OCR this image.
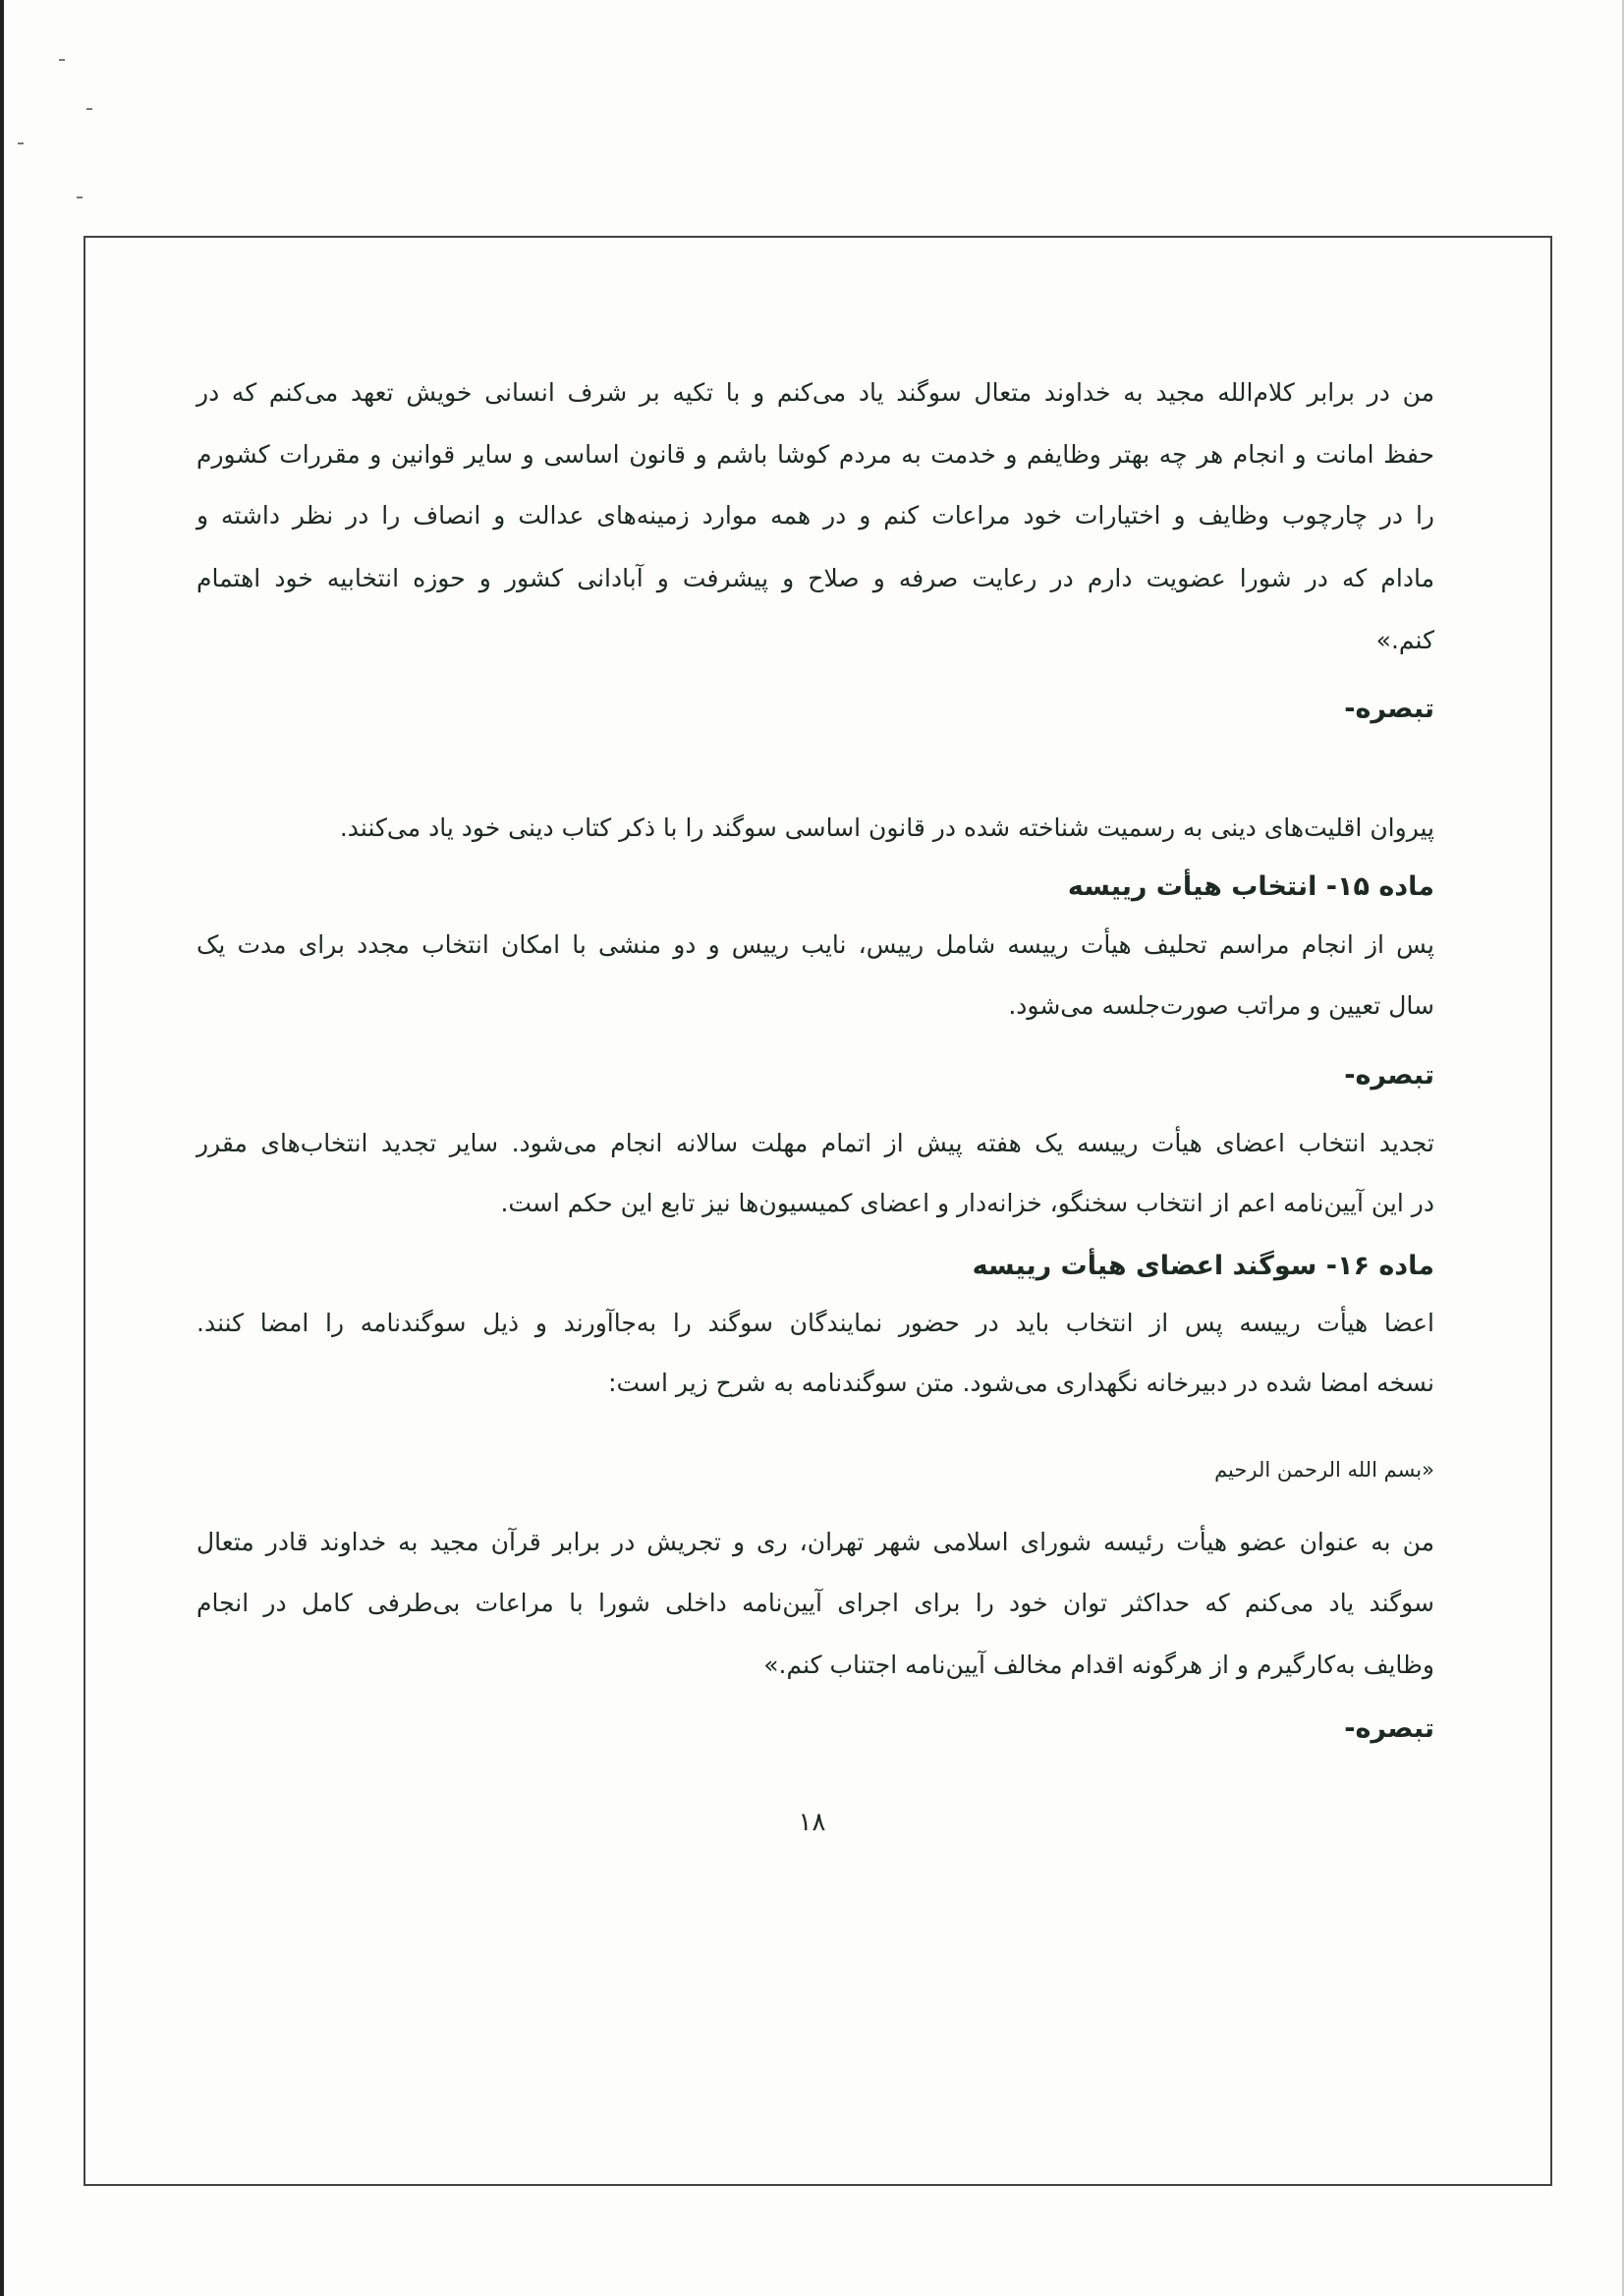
من در برابر کلام‌الله مجید به خداوند متعال سوگند یاد می‌کنم و با تکیه بر شرف انسانی خویش تعهد می‌کنم که در
حفظ امانت و انجام هر چه بهتر وظایفم و خدمت به مردم کوشا باشم و قانون اساسی و سایر قوانین و مقررات کشورم
را در چارچوب وظایف و اختیارات خود مراعات کنم و در همه موارد زمینه‌های عدالت و انصاف را در نظر داشته و
مادام که در شورا عضویت دارم در رعایت صرفه و صلاح و پیشرفت و آبادانی کشور و حوزه انتخابیه خود اهتمام
کنم.»
تبصره-
پیروان اقلیت‌های دینی به رسمیت شناخته شده در قانون اساسی سوگند را با ذکر کتاب دینی خود یاد می‌کنند.
ماده ۱۵- انتخاب هیأت رییسه
پس از انجام مراسم تحلیف هیأت رییسه شامل رییس، نایب رییس و دو منشی با امکان انتخاب مجدد برای مدت یک
سال تعیین و مراتب صورت‌جلسه می‌شود.
تبصره-
تجدید انتخاب اعضای هیأت رییسه یک هفته پیش از اتمام مهلت سالانه انجام می‌شود. سایر تجدید انتخاب‌های مقرر
در این آیین‌نامه اعم از انتخاب سخنگو، خزانه‌دار و اعضای کمیسیون‌ها نیز تابع این حکم است.
ماده ۱۶- سوگند اعضای هیأت رییسه
اعضا هیأت رییسه پس از انتخاب باید در حضور نمایندگان سوگند را به‌جاآورند و ذیل سوگندنامه را امضا کنند.
نسخه امضا شده در دبیرخانه نگهداری می‌شود. متن سوگندنامه به شرح زیر است:
«بسم الله الرحمن الرحیم
من به عنوان عضو هیأت رئیسه شورای اسلامی شهر تهران، ری و تجریش در برابر قرآن مجید به خداوند قادر متعال
سوگند یاد می‌کنم که حداکثر توان خود را برای اجرای آیین‌نامه داخلی شورا با مراعات بی‌طرفی کامل در انجام
وظایف به‌کارگیرم و از هرگونه اقدام مخالف آیین‌نامه اجتناب کنم.»
تبصره-
۱۸
